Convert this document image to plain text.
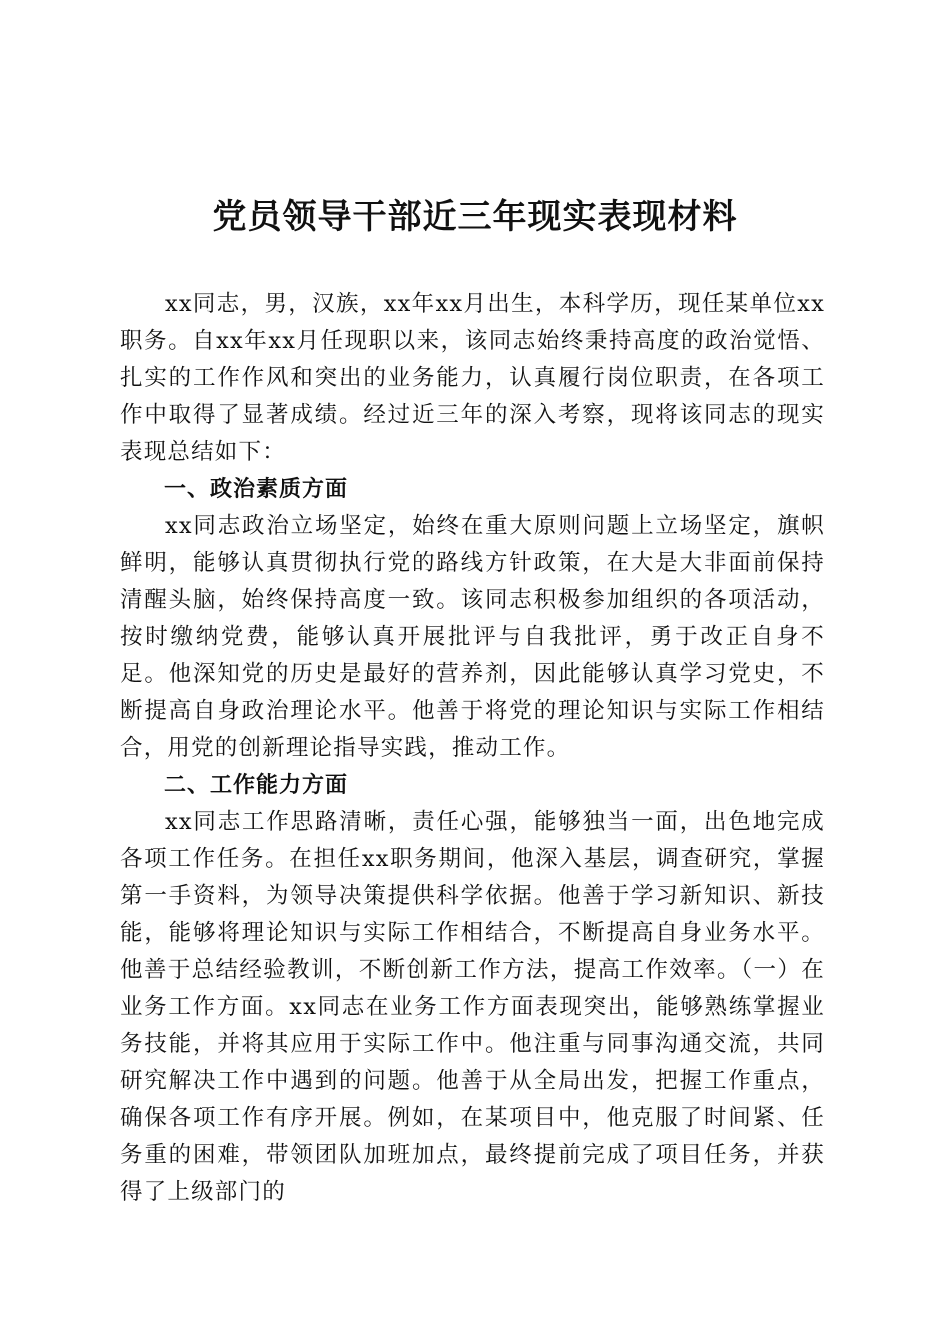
党员领导干部近三年现实表现材料

xx同志，男，汉族，xx年xx月出生，本科学历，现任某单位xx职务。自xx年xx月任现职以来，该同志始终秉持高度的政治觉悟、扎实的工作作风和突出的业务能力，认真履行岗位职责，在各项工作中取得了显著成绩。经过近三年的深入考察，现将该同志的现实表现总结如下：

一、政治素质方面

xx同志政治立场坚定，始终在重大原则问题上立场坚定，旗帜鲜明，能够认真贯彻执行党的路线方针政策，在大是大非面前保持清醒头脑，始终保持高度一致。该同志积极参加组织的各项活动，按时缴纳党费，能够认真开展批评与自我批评，勇于改正自身不足。他深知党的历史是最好的营养剂，因此能够认真学习党史，不断提高自身政治理论水平。他善于将党的理论知识与实际工作相结合，用党的创新理论指导实践，推动工作。

二、工作能力方面

xx同志工作思路清晰，责任心强，能够独当一面，出色地完成各项工作任务。在担任xx职务期间，他深入基层，调查研究，掌握第一手资料，为领导决策提供科学依据。他善于学习新知识、新技能，能够将理论知识与实际工作相结合，不断提高自身业务水平。他善于总结经验教训，不断创新工作方法，提高工作效率。（一）在业务工作方面。xx同志在业务工作方面表现突出，能够熟练掌握业务技能，并将其应用于实际工作中。他注重与同事沟通交流，共同研究解决工作中遇到的问题。他善于从全局出发，把握工作重点，确保各项工作有序开展。例如，在某项目中，他克服了时间紧、任务重的困难，带领团队加班加点，最终提前完成了项目任务，并获得了上级部门的
